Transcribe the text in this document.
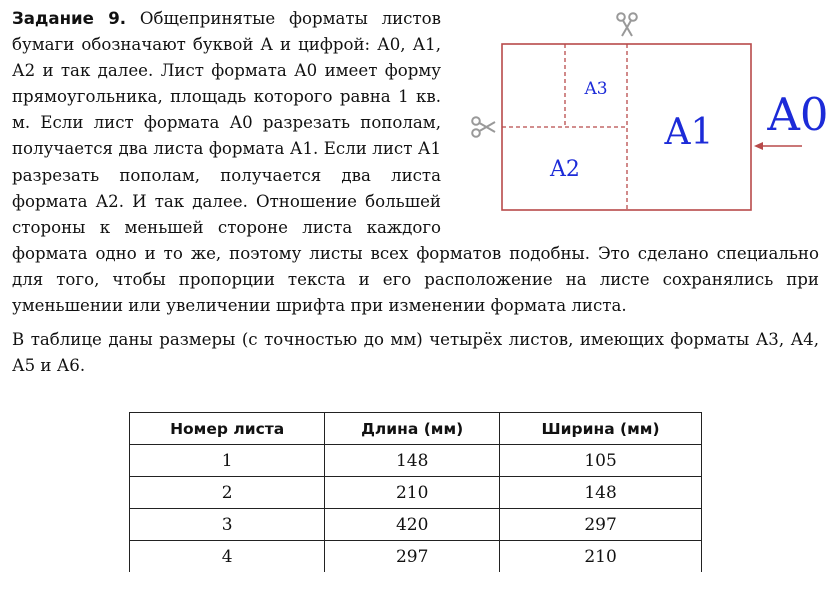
Задание 9. Общепринятые форматы листов бумаги обозначают буквой А и цифрой: А0, А1, А2 и так далее. Лист формата А0 имеет форму прямоугольника, площадь которого равна 1 кв. м. Если лист формата А0 разрезать пополам, получается два листа формата А1. Если лист А1 разрезать пополам, получается два листа формата А2. И так далее. Отношение большей стороны к меньшей стороне листа каждого формата одно и то же, поэтому листы всех форматов подобны. Это сделано специально для того, чтобы пропорции текста и его расположение на листе сохранялись при уменьшении или увеличении шрифта при изменении формата листа.

В таблице даны размеры (с точностью до мм) четырёх листов, имеющих форматы А3, А4, А5 и А6.

A3
A2
A1 A0
Номер листа	Длина (мм)	Ширина (мм)
1	148	105
2	210	148
3	420	297
4	297	210
